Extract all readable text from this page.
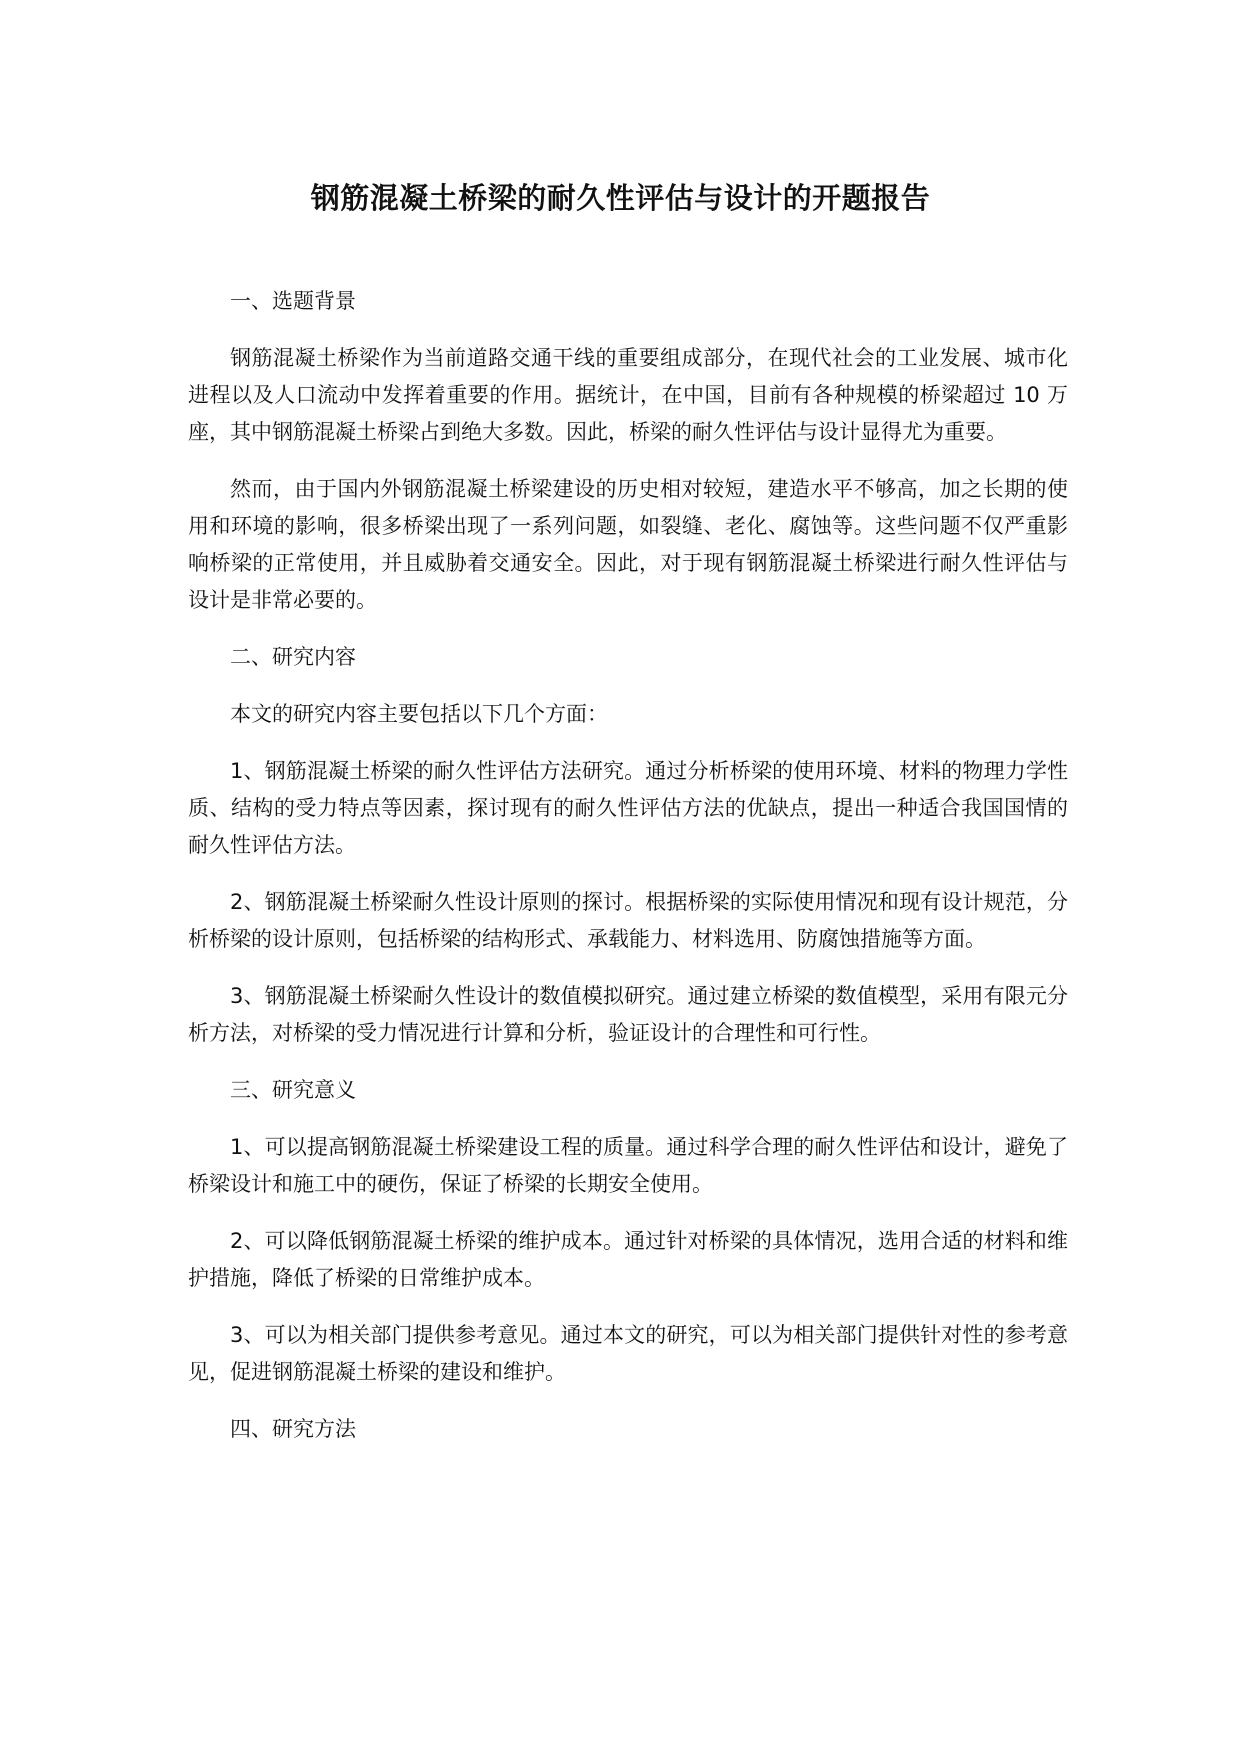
钢筋混凝土桥梁的耐久性评估与设计的开题报告

一、选题背景

钢筋混凝土桥梁作为当前道路交通干线的重要组成部分，在现代社会的工业发展、城市化进程以及人口流动中发挥着重要的作用。据统计，在中国，目前有各种规模的桥梁超过 10 万座，其中钢筋混凝土桥梁占到绝大多数。因此，桥梁的耐久性评估与设计显得尤为重要。

然而，由于国内外钢筋混凝土桥梁建设的历史相对较短，建造水平不够高，加之长期的使用和环境的影响，很多桥梁出现了一系列问题，如裂缝、老化、腐蚀等。这些问题不仅严重影响桥梁的正常使用，并且威胁着交通安全。因此，对于现有钢筋混凝土桥梁进行耐久性评估与设计是非常必要的。

二、研究内容

本文的研究内容主要包括以下几个方面：

1、钢筋混凝土桥梁的耐久性评估方法研究。通过分析桥梁的使用环境、材料的物理力学性质、结构的受力特点等因素，探讨现有的耐久性评估方法的优缺点，提出一种适合我国国情的耐久性评估方法。

2、钢筋混凝土桥梁耐久性设计原则的探讨。根据桥梁的实际使用情况和现有设计规范，分析桥梁的设计原则，包括桥梁的结构形式、承载能力、材料选用、防腐蚀措施等方面。

3、钢筋混凝土桥梁耐久性设计的数值模拟研究。通过建立桥梁的数值模型，采用有限元分析方法，对桥梁的受力情况进行计算和分析，验证设计的合理性和可行性。

三、研究意义

1、可以提高钢筋混凝土桥梁建设工程的质量。通过科学合理的耐久性评估和设计，避免了桥梁设计和施工中的硬伤，保证了桥梁的长期安全使用。

2、可以降低钢筋混凝土桥梁的维护成本。通过针对桥梁的具体情况，选用合适的材料和维护措施，降低了桥梁的日常维护成本。

3、可以为相关部门提供参考意见。通过本文的研究，可以为相关部门提供针对性的参考意见，促进钢筋混凝土桥梁的建设和维护。

四、研究方法
